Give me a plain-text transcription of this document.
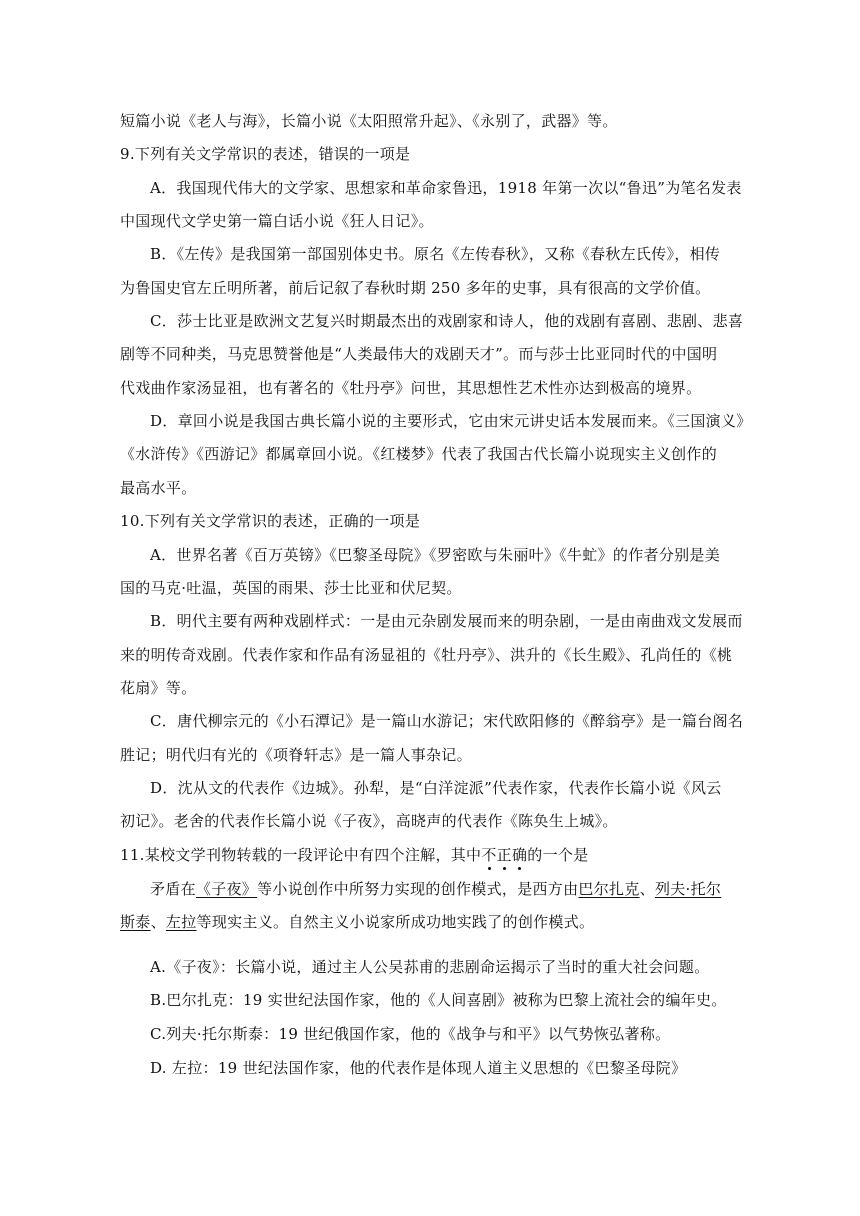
短篇小说《老人与海》，长篇小说《太阳照常升起》、《永别了，武器》等。
9.下列有关文学常识的表述，错误的一项是
A．我国现代伟大的文学家、思想家和革命家鲁迅，1918 年第一次以“鲁迅”为笔名发表
中国现代文学史第一篇白话小说《狂人日记》。
B．《左传》是我国第一部国别体史书。原名《左传春秋》，又称《春秋左氏传》，相传
为鲁国史官左丘明所著，前后记叙了春秋时期 250 多年的史事，具有很高的文学价值。
C．莎士比亚是欧洲文艺复兴时期最杰出的戏剧家和诗人，他的戏剧有喜剧、悲剧、悲喜
剧等不同种类，马克思赞誉他是“人类最伟大的戏剧天才”。而与莎士比亚同时代的中国明
代戏曲作家汤显祖，也有著名的《牡丹亭》问世，其思想性艺术性亦达到极高的境界。
D．章回小说是我国古典长篇小说的主要形式，它由宋元讲史话本发展而来。《三国演义》
《水浒传》《西游记》都属章回小说。《红楼梦》代表了我国古代长篇小说现实主义创作的
最高水平。
10.下列有关文学常识的表述，正确的一项是
A．世界名著《百万英镑》《巴黎圣母院》《罗密欧与朱丽叶》《牛虻》的作者分别是美
国的马克·吐温，英国的雨果、莎士比亚和伏尼契。
B．明代主要有两种戏剧样式：一是由元杂剧发展而来的明杂剧，一是由南曲戏文发展而
来的明传奇戏剧。代表作家和作品有汤显祖的《牡丹亭》、洪升的《长生殿》、孔尚任的《桃
花扇》等。
C．唐代柳宗元的《小石潭记》是一篇山水游记；宋代欧阳修的《醉翁亭》是一篇台阁名
胜记；明代归有光的《项脊轩志》是一篇人事杂记。
D．沈从文的代表作《边城》。孙犁，是“白洋淀派”代表作家，代表作长篇小说《风云
初记》。老舍的代表作长篇小说《子夜》，高晓声的代表作《陈奂生上城》。
11.某校文学刊物转载的一段评论中有四个注解，其中不正确的一个是
矛盾在《子夜》等小说创作中所努力实现的创作模式，是西方由巴尔扎克、列夫·托尔
斯泰、左拉等现实主义。自然主义小说家所成功地实践了的创作模式。
A.《子夜》：长篇小说，通过主人公吴荪甫的悲剧命运揭示了当时的重大社会问题。
B.巴尔扎克：19 实世纪法国作家，他的《人间喜剧》被称为巴黎上流社会的编年史。
C.列夫·托尔斯泰：19 世纪俄国作家，他的《战争与和平》以气势恢弘著称。
D. 左拉：19 世纪法国作家，他的代表作是体现人道主义思想的《巴黎圣母院》
